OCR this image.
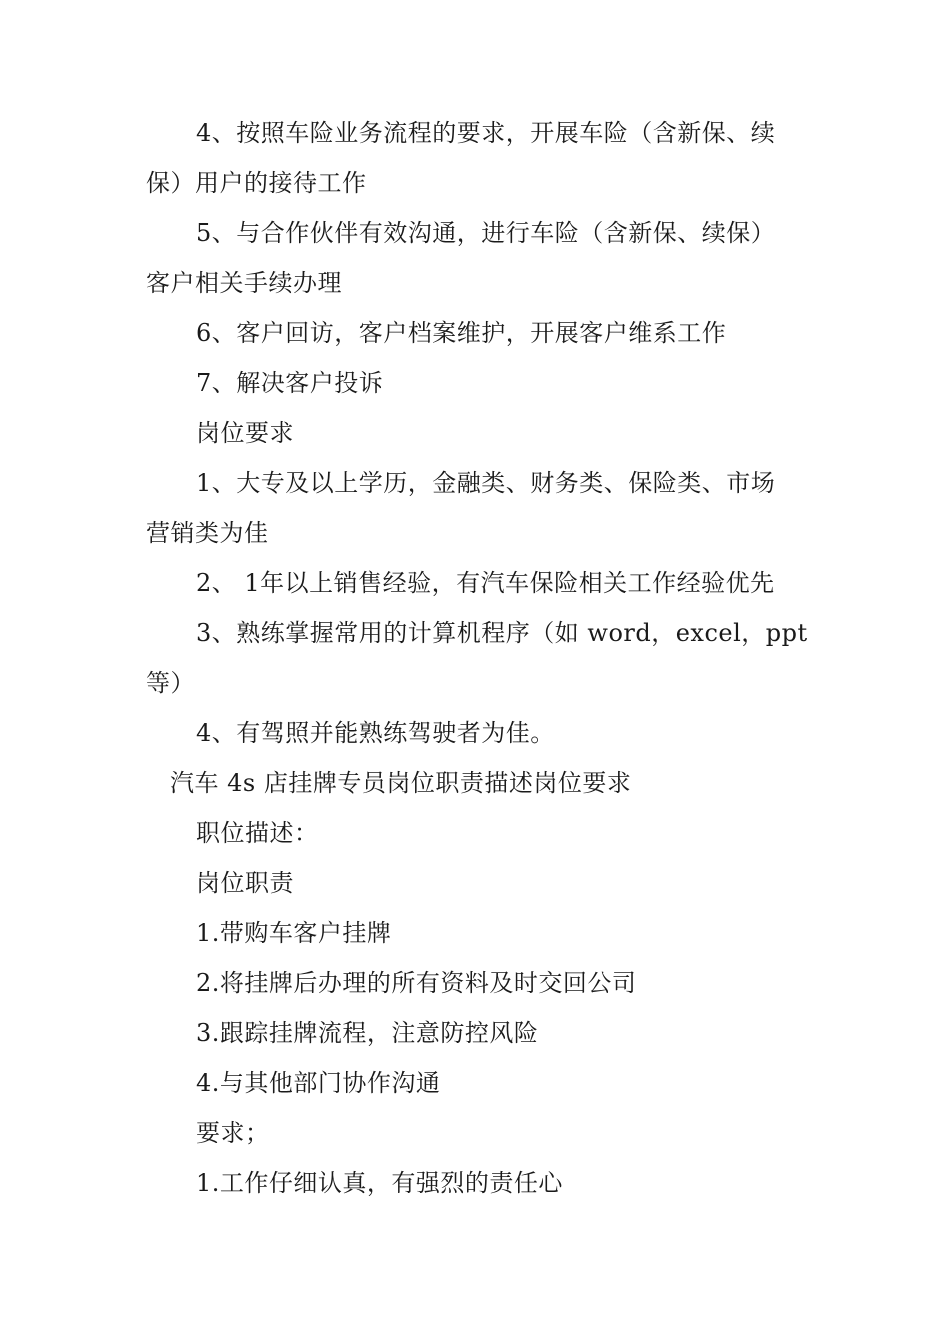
4、按照车险业务流程的要求，开展车险（含新保、续
保）用户的接待工作
5、与合作伙伴有效沟通，进行车险（含新保、续保）
客户相关手续办理
6、客户回访，客户档案维护，开展客户维系工作
7、解决客户投诉
岗位要求
1、大专及以上学历，金融类、财务类、保险类、市场
营销类为佳
2、 1年以上销售经验，有汽车保险相关工作经验优先
3、熟练掌握常用的计算机程序（如 word，excel，ppt
等）
4、有驾照并能熟练驾驶者为佳。
汽车 4s 店挂牌专员岗位职责描述岗位要求
职位描述：
岗位职责
1.带购车客户挂牌
2.将挂牌后办理的所有资料及时交回公司
3.跟踪挂牌流程，注意防控风险
4.与其他部门协作沟通
要求；
1.工作仔细认真，有强烈的责任心
